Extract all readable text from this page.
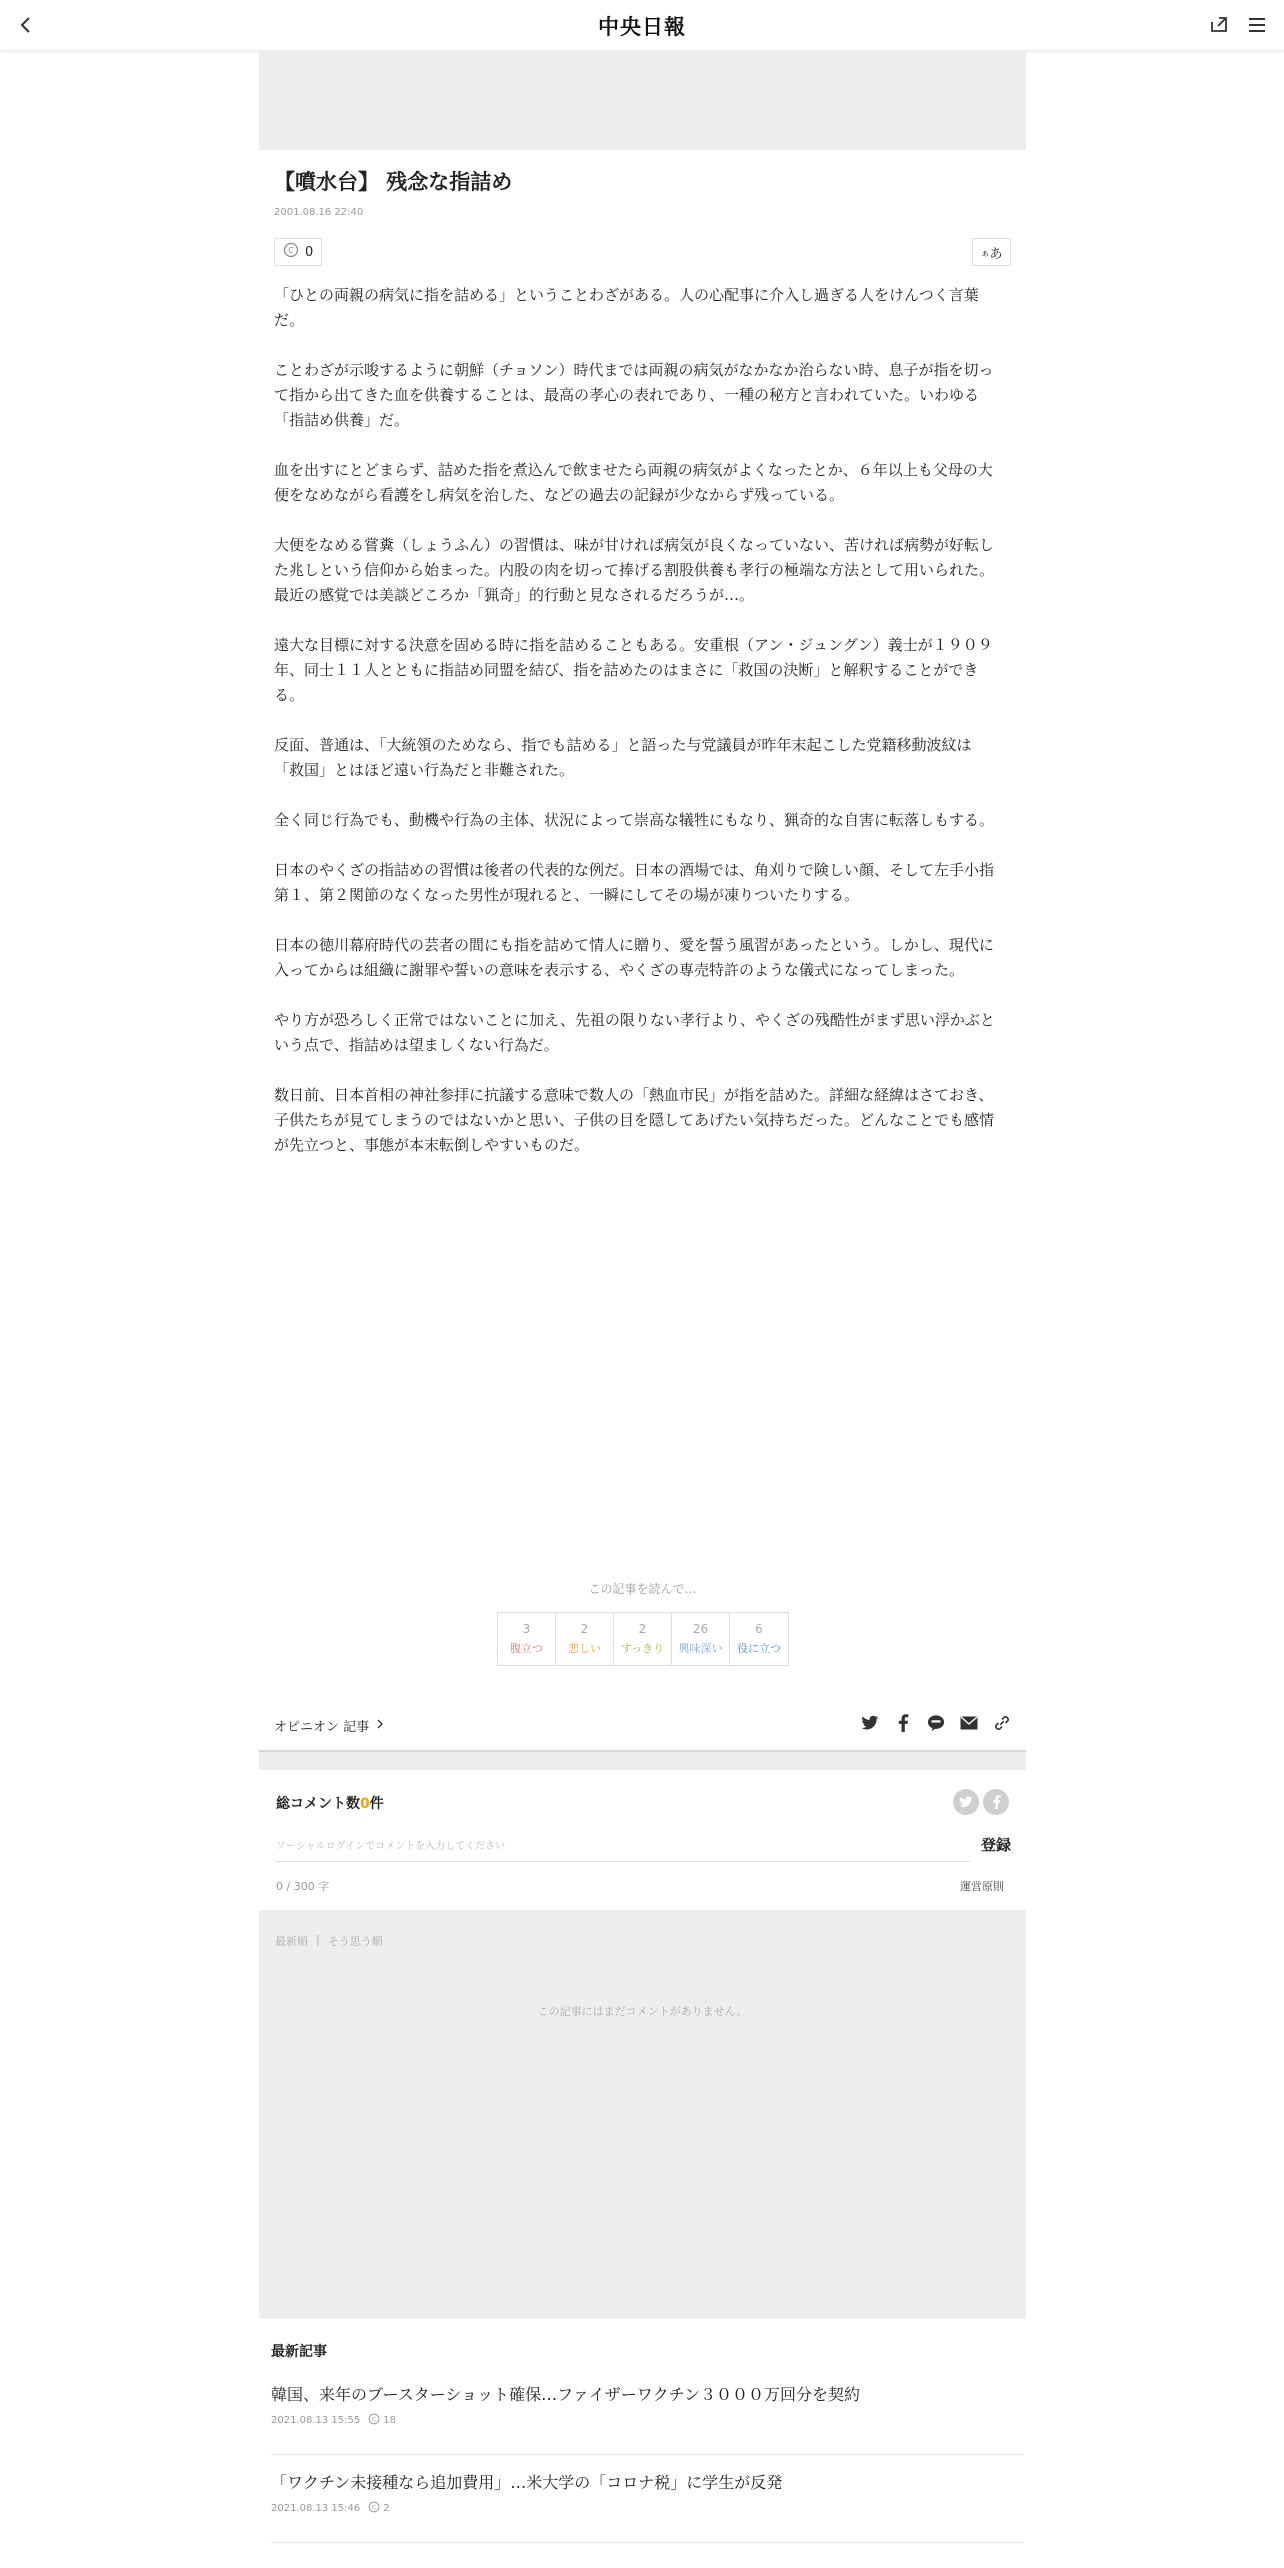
中央日報
【噴水台】 残念な指詰め
2001.08.16 22:40
C 0	ぁ あ

「ひとの両親の病気に指を詰める」ということわざがある。人の心配事に介入し過ぎる人をけんつく言葉だ。

ことわざが示唆するように朝鮮（チョソン）時代までは両親の病気がなかなか治らない時、息子が指を切って指から出てきた血を供養することは、最高の孝心の表れであり、一種の秘方と言われていた。いわゆる「指詰め供養」だ。

血を出すにとどまらず、詰めた指を煮込んで飲ませたら両親の病気がよくなったとか、６年以上も父母の大便をなめながら看護をし病気を治した、などの過去の記録が少なからず残っている。

大便をなめる嘗糞（しょうふん）の習慣は、味が甘ければ病気が良くなっていない、苦ければ病勢が好転した兆しという信仰から始まった。内股の肉を切って捧げる割股供養も孝行の極端な方法として用いられた。最近の感覚では美談どころか「猟奇」的行動と見なされるだろうが…。

遠大な目標に対する決意を固める時に指を詰めることもある。安重根（アン・ジュングン）義士が１９０９年、同士１１人とともに指詰め同盟を結び、指を詰めたのはまさに「救国の決断」と解釈することができる。

反面、普通は、「大統領のためなら、指でも詰める」と語った与党議員が昨年末起こした党籍移動波紋は「救国」とはほど遠い行為だと非難された。

全く同じ行為でも、動機や行為の主体、状況によって崇高な犠牲にもなり、猟奇的な自害に転落しもする。

日本のやくざの指詰めの習慣は後者の代表的な例だ。日本の酒場では、角刈りで険しい顔、そして左手小指第１、第２関節のなくなった男性が現れると、一瞬にしてその場が凍りついたりする。

日本の徳川幕府時代の芸者の間にも指を詰めて情人に贈り、愛を誓う風習があったという。しかし、現代に入ってからは組織に謝罪や誓いの意味を表示する、やくざの専売特許のような儀式になってしまった。

やり方が恐ろしく正常ではないことに加え、先祖の限りない孝行より、やくざの残酷性がまず思い浮かぶという点で、指詰めは望ましくない行為だ。

数日前、日本首相の神社参拝に抗議する意味で数人の「熱血市民」が指を詰めた。詳細な経緯はさておき、子供たちが見てしまうのではないかと思い、子供の目を隠してあげたい気持ちだった。どんなことでも感情が先立つと、事態が本末転倒しやすいものだ。

この記事を読んで…
3
腹立つ
2
悲しい
2
すっきり
26
興味深い
6
役に立つ
オピニオン 記事
総コメント数0件
ソーシャルログインでコメントを入力してください
登録
0 / 300 字	運営原則
最新順 | そう思う順
この記事にはまだコメントがありません。
最新記事
韓国、来年のブースターショット確保…ファイザーワクチン３０００万回分を契約
2021.08.13 15:55 C 18
「ワクチン未接種なら追加費用」…米大学の「コロナ税」に学生が反発
2021.08.13 15:46 C 2
